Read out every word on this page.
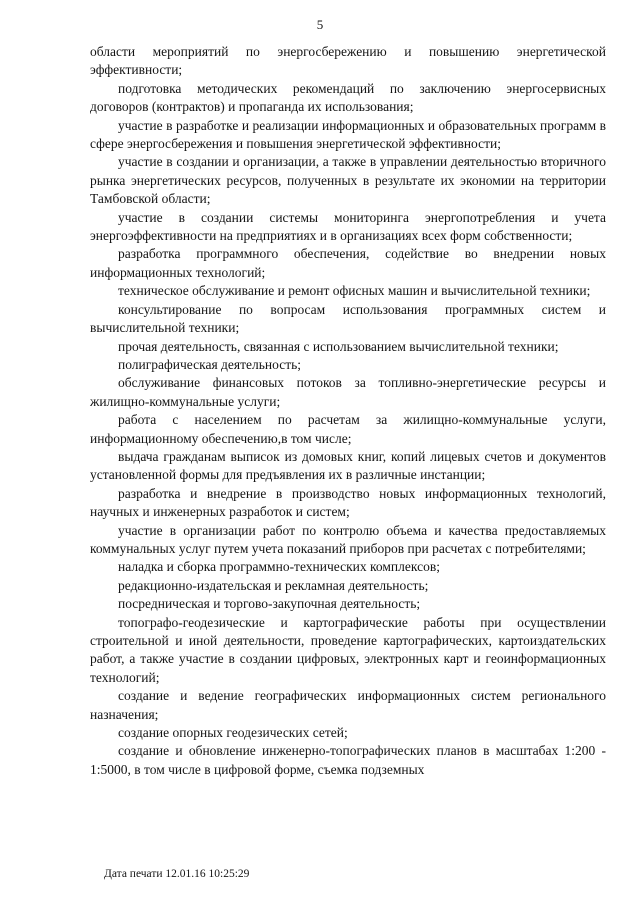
5

области мероприятий по энергосбережению и повышению энергетической эффективности;

подготовка методических рекомендаций по заключению энергосервисных договоров (контрактов) и пропаганда их использования;

участие в разработке и реализации информационных и образовательных программ в сфере энергосбережения и повышения энергетической эффективности;

участие в создании и организации, а также в управлении деятельностью вторичного рынка энергетических ресурсов, полученных в результате их экономии на территории Тамбовской области;

участие в создании системы мониторинга энергопотребления и учета энергоэффективности на предприятиях и в организациях всех форм собственности;

разработка программного обеспечения, содействие во внедрении новых информационных технологий;

техническое обслуживание и ремонт офисных машин и вычислительной техники;

консультирование по вопросам использования программных систем и вычислительной техники;

прочая деятельность, связанная с использованием вычислительной техники;

полиграфическая деятельность;

обслуживание финансовых потоков за топливно-энергетические ресурсы и жилищно-коммунальные услуги;

работа с населением по расчетам за жилищно-коммунальные услуги, информационному обеспечению,в том числе;

выдача гражданам выписок из домовых книг, копий лицевых счетов и документов установленной формы для предъявления их в различные инстанции;

разработка и внедрение в производство новых информационных технологий, научных и инженерных разработок и систем;

участие в организации работ по контролю объема и качества предоставляемых коммунальных услуг путем учета показаний приборов при расчетах с потребителями;

наладка и сборка программно-технических комплексов;

редакционно-издательская и рекламная деятельность;

посредническая и торгово-закупочная деятельность;

топографо-геодезические и картографические работы при осуществлении строительной и иной деятельности, проведение картографических, картоиздательских работ, а также участие в создании цифровых, электронных карт и геоинформационных технологий;

создание и ведение географических информационных систем регионального назначения;

создание опорных геодезических сетей;

создание и обновление инженерно-топографических планов в масштабах 1:200 - 1:5000, в том числе в цифровой форме, съемка подземных

Дата печати 12.01.16 10:25:29
